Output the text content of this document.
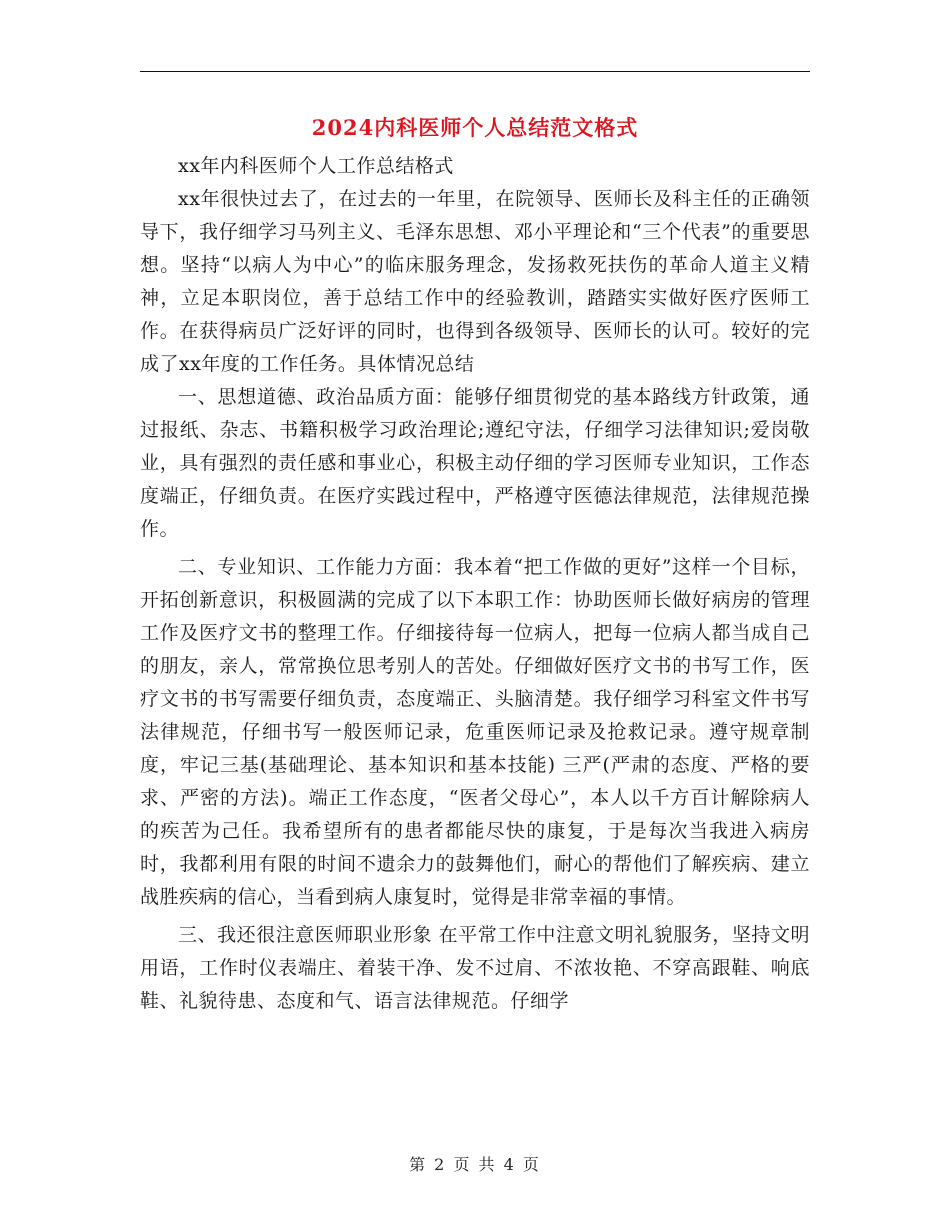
2024内科医师个人总结范文格式

xx年内科医师个人工作总结格式

xx年很快过去了，在过去的一年里，在院领导、医师长及科主任的正确领导下，我仔细学习马列主义、毛泽东思想、邓小平理论和“三个代表”的重要思想。坚持“以病人为中心”的临床服务理念，发扬救死扶伤的革命人道主义精神，立足本职岗位，善于总结工作中的经验教训，踏踏实实做好医疗医师工作。在获得病员广泛好评的同时，也得到各级领导、医师长的认可。较好的完成了xx年度的工作任务。具体情况总结

一、思想道德、政治品质方面：能够仔细贯彻党的基本路线方针政策，通过报纸、杂志、书籍积极学习政治理论;遵纪守法，仔细学习法律知识;爱岗敬业，具有强烈的责任感和事业心，积极主动仔细的学习医师专业知识，工作态度端正，仔细负责。在医疗实践过程中，严格遵守医德法律规范，法律规范操作。

二、专业知识、工作能力方面：我本着“把工作做的更好”这样一个目标，开拓创新意识，积极圆满的完成了以下本职工作：协助医师长做好病房的管理工作及医疗文书的整理工作。仔细接待每一位病人，把每一位病人都当成自己的朋友，亲人，常常换位思考别人的苦处。仔细做好医疗文书的书写工作，医疗文书的书写需要仔细负责，态度端正、头脑清楚。我仔细学习科室文件书写法律规范，仔细书写一般医师记录，危重医师记录及抢救记录。遵守规章制度，牢记三基(基础理论、基本知识和基本技能) 三严(严肃的态度、严格的要求、严密的方法)。端正工作态度，“医者父母心”，本人以千方百计解除病人的疾苦为己任。我希望所有的患者都能尽快的康复，于是每次当我进入病房时，我都利用有限的时间不遗余力的鼓舞他们，耐心的帮他们了解疾病、建立战胜疾病的信心，当看到病人康复时，觉得是非常幸福的事情。

三、我还很注意医师职业形象 在平常工作中注意文明礼貌服务，坚持文明用语，工作时仪表端庄、着装干净、发不过肩、不浓妆艳、不穿高跟鞋、响底鞋、礼貌待患、态度和气、语言法律规范。仔细学

第 2 页 共 4 页
